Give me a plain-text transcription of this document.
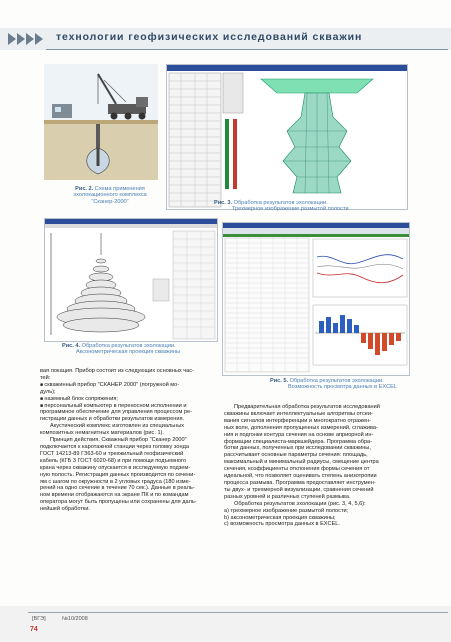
технологии геофизических исследований скважин
Рис. 2. Схема применения
эхолокационного комплекса
"Сканер-2000"	Рис. 3. Обработка результатов эхолокации.
Трехмерное изображение размытой полости
Рис. 4. Обработка результатов эхолокации.
Аксонометрическая проекция скважины
Рис. 5. Обработка результатов эхолокации.
Возможность просмотра данных в EXCEL

вая локация. Прибор состоит из следующих основных час-

тей:

■ скважинный прибор "СКАНЕР 2000" (погружной мо-

дуль);

■ наземный блок сопряжения;

■ персональный компьютер в переносном исполнении и

программное обеспечение для управления процессом ре-

гистрации данных и обработки результатов измерения.

Акустический комплекс изготовлен из специальных

композитных немагнитных материалов (рис. 1).

Принцип действия. Скважный прибор "Сканер 2000"

подключается к каротажной станции через головку зонда

ГОСТ 14213-89 ГЗ63-60 и трехжильный геофизический

кабель (КГБ 3 ГОСТ 6020-68) и при помощи подъемного

крана через скважину опускается в исследуемую подзем-

ную полость. Регистрация данных производится по сечени-

ям с шагом по окружности в 2 угловых градуса (180 изме-

рений на одно сечение в течение 70 сек.). Данные в реаль-

ном времени отображаются на экране ПК и по командам

оператора могут быть пропущены или сохранены для даль-

нейшей обработки.

Предварительная обработка результатов исследований

скважины включает интеллектуальные алгоритмы отсеи-

вания сигналов интерференции и многократно отражен-

ных волн, дополнения пропущенных измерений, сглажива-

ния и подгонки контура сечения на основе априорной ин-

формации специалиста-маркшейдера. Программа обра-

ботки данных, полученных при исследовании скважины,

рассчитывает основные параметры сечения: площадь,

максимальный и минимальный радиусы, смещение центра

сечения, коэффициенты отклонения формы сечения от

идеальной, что позволяет оценивать степень анизотропии

процесса размыва. Программа предоставляет инструмен-

ты двух- и трехмерной визуализации, сравнения сечений

разных уровней и различных ступеней размыва.

Обработка результатов эхолокации (рис. 3, 4, 5,6):

а) трехмерное изображение размытой полости;

b) аксонометрическая проекция скважины;

с) возможность просмотра данных в EXCEL.

[ВГЭ]	№10/2008
74
